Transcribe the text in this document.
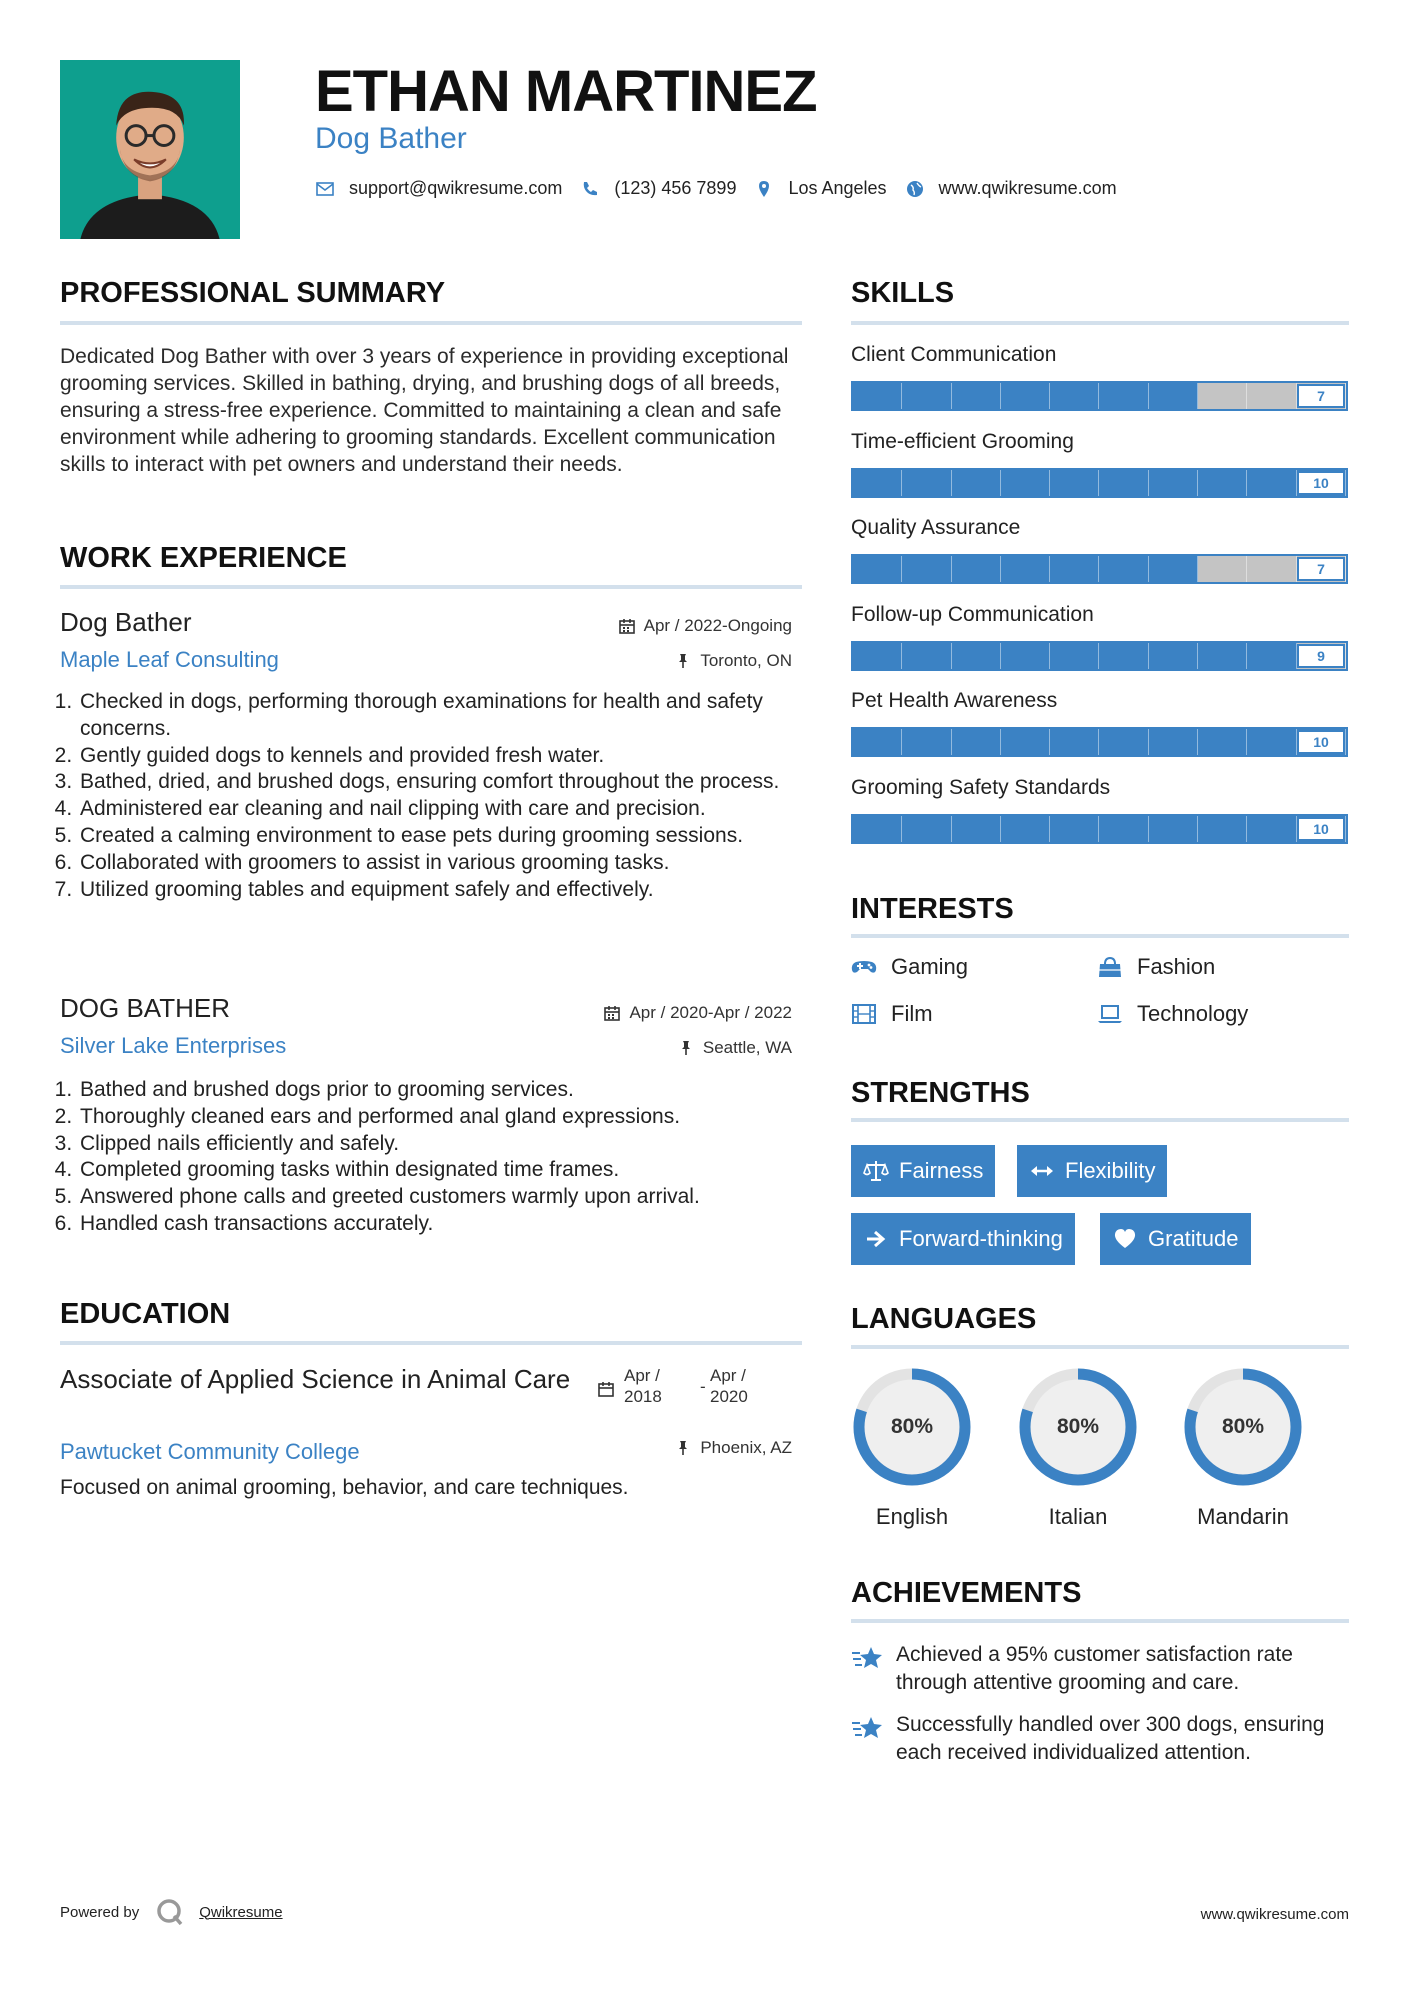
ETHAN MARTINEZ
Dog Bather
support@qwikresume.com	(123) 456 7899	Los Angeles	www.qwikresume.com
PROFESSIONAL SUMMARY
Dedicated Dog Bather with over 3 years of experience in providing exceptional grooming services. Skilled in bathing, drying, and brushing dogs of all breeds, ensuring a stress-free experience. Committed to maintaining a clean and safe environment while adhering to grooming standards. Excellent communication skills to interact with pet owners and understand their needs.
WORK EXPERIENCE
Dog Bather	Apr / 2022-Ongoing
Maple Leaf Consulting	Toronto, ON
1. Checked in dogs, performing thorough examinations for health and safety concerns.
2. Gently guided dogs to kennels and provided fresh water.
3. Bathed, dried, and brushed dogs, ensuring comfort throughout the process.
4. Administered ear cleaning and nail clipping with care and precision.
5. Created a calming environment to ease pets during grooming sessions.
6. Collaborated with groomers to assist in various grooming tasks.
7. Utilized grooming tables and equipment safely and effectively.
DOG BATHER	Apr / 2020-Apr / 2022
Silver Lake Enterprises	Seattle, WA
1. Bathed and brushed dogs prior to grooming services.
2. Thoroughly cleaned ears and performed anal gland expressions.
3. Clipped nails efficiently and safely.
4. Completed grooming tasks within designated time frames.
5. Answered phone calls and greeted customers warmly upon arrival.
6. Handled cash transactions accurately.
EDUCATION
Associate of Applied Science in Animal Care	Apr / 2018
-
Apr / 2020
Pawtucket Community College	Phoenix, AZ
Focused on animal grooming, behavior, and care techniques.
SKILLS
Client Communication
7
Time-efficient Grooming
10
Quality Assurance
7
Follow-up Communication
9
Pet Health Awareness
10
Grooming Safety Standards
10
INTERESTS
Gaming	Fashion
Film	Technology
STRENGTHS
Fairness	Flexibility
Forward-thinking	Gratitude
LANGUAGES
80%
English
80%
Italian
80%
Mandarin
ACHIEVEMENTS
Achieved a 95% customer satisfaction rate through attentive grooming and care.
Successfully handled over 300 dogs, ensuring each received individualized attention.
Powered by	Qwikresume	www.qwikresume.com
